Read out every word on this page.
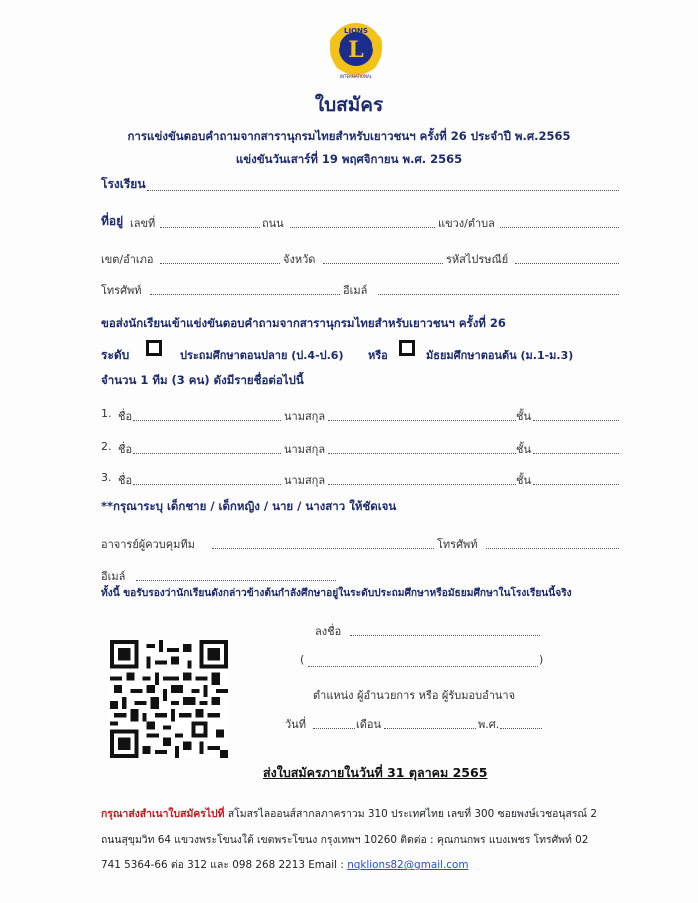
L
LIONS
INTERNATIONAL
ใบสมัคร
การแข่งขันตอบคำถามจากสารานุกรมไทยสำหรับเยาวชนฯ ครั้งที่ 26 ประจำปี พ.ศ.2565
แข่งขันวันเสาร์ที่ 19 พฤศจิกายน พ.ศ. 2565
โรงเรียน
ที่อยู่ เลขที่	ถนน	แขวง/ตำบล
เขต/อำเภอ	จังหวัด	รหัสไปรษณีย์
โทรศัพท์	อีเมล์
ขอส่งนักเรียนเข้าแข่งขันตอบคำถามจากสารานุกรมไทยสำหรับเยาวชนฯ ครั้งที่ 26
ระดับ	ประถมศึกษาตอนปลาย (ป.4-ป.6) หรือ	มัธยมศึกษาตอนต้น (ม.1-ม.3)
จำนวน 1 ทีม (3 คน) ดังมีรายชื่อต่อไปนี้
1. ชื่อ	นามสกุล	ชั้น
2. ชื่อ	นามสกุล	ชั้น
3. ชื่อ	นามสกุล	ชั้น
**กรุณาระบุ เด็กชาย / เด็กหญิง / นาย / นางสาว ให้ชัดเจน
อาจารย์ผู้ควบคุมทีม	โทรศัพท์
อีเมล์
ทั้งนี้ ขอรับรองว่านักเรียนดังกล่าวข้างต้นกำลังศึกษาอยู่ในระดับประถมศึกษาหรือมัธยมศึกษาในโรงเรียนนี้จริง
ลงชื่อ
(	)
ตำแหน่ง ผู้อำนวยการ หรือ ผู้รับมอบอำนาจ
วันที่	เดือน	พ.ศ.
ส่งใบสมัครภายในวันที่ 31 ตุลาคม 2565
กรุณาส่งสำเนาใบสมัครไปที่ สโมสรไลออนส์สากลภาคราวม 310 ประเทศไทย เลขที่ 300 ซอยพงษ์เวชอนุสรณ์ 2
ถนนสุขุมวิท 64 แขวงพระโขนงใต้ เขตพระโขนง กรุงเทพฯ 10260 ติดต่อ : คุณกนกพร แบงเพชร โทรศัพท์ 02
741 5364-66 ต่อ 312 และ 098 268 2213 Email : nqklions82@gmail.com
